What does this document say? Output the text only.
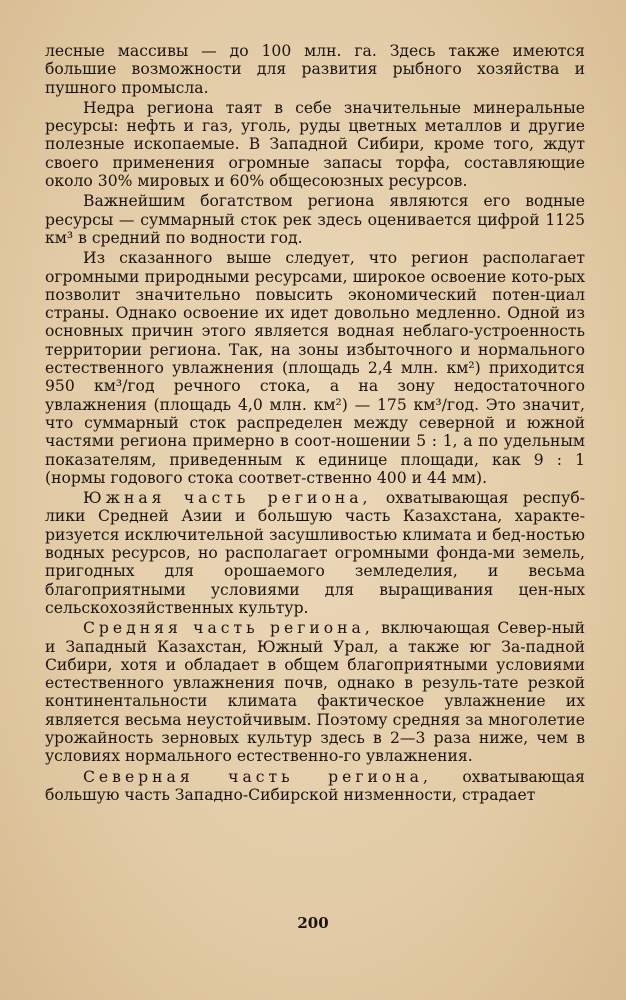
лесные массивы — до 100 млн. га. Здесь также имеются большие возможности для развития рыбного хозяйства и пушного промысла.

Недра региона таят в себе значительные минеральные ресурсы: нефть и газ, уголь, руды цветных металлов и другие полезные ископаемые. В Западной Сибири, кроме того, ждут своего применения огромные запасы торфа, составляющие около 30% мировых и 60% общесоюзных ресурсов.

Важнейшим богатством региона являются его водные ресурсы — суммарный сток рек здесь оценивается цифрой 1125 км³ в средний по водности год.

Из сказанного выше следует, что регион располагает огромными природными ресурсами, широкое освоение кото-рых позволит значительно повысить экономический потен-циал страны. Однако освоение их идет довольно медленно. Одной из основных причин этого является водная неблаго-устроенность территории региона. Так, на зоны избыточного и нормального естественного увлажнения (площадь 2,4 млн. км²) приходится 950 км³/год речного стока, а на зону недостаточного увлажнения (площадь 4,0 млн. км²) — 175 км³/год. Это значит, что суммарный сток распределен между северной и южной частями региона примерно в соот-ношении 5 : 1, а по удельным показателям, приведенным к единице площади, как 9 : 1 (нормы годового стока соответ-ственно 400 и 44 мм).

Южная часть региона, охватывающая респуб-лики Средней Азии и большую часть Казахстана, характе-ризуется исключительной засушливостью климата и бед-ностью водных ресурсов, но располагает огромными фонда-ми земель, пригодных для орошаемого земледелия, и весьма благоприятными условиями для выращивания цен-ных сельскохозяйственных культур.

Средняя часть региона, включающая Север-ный и Западный Казахстан, Южный Урал, а также юг За-падной Сибири, хотя и обладает в общем благоприятными условиями естественного увлажнения почв, однако в резуль-тате резкой континентальности климата фактическое увлажнение их является весьма неустойчивым. Поэтому средняя за многолетие урожайность зерновых культур здесь в 2—3 раза ниже, чем в условиях нормального естественно-го увлажнения.

Северная часть региона, охватывающая большую часть Западно-Сибирской низменности, страдает

200
